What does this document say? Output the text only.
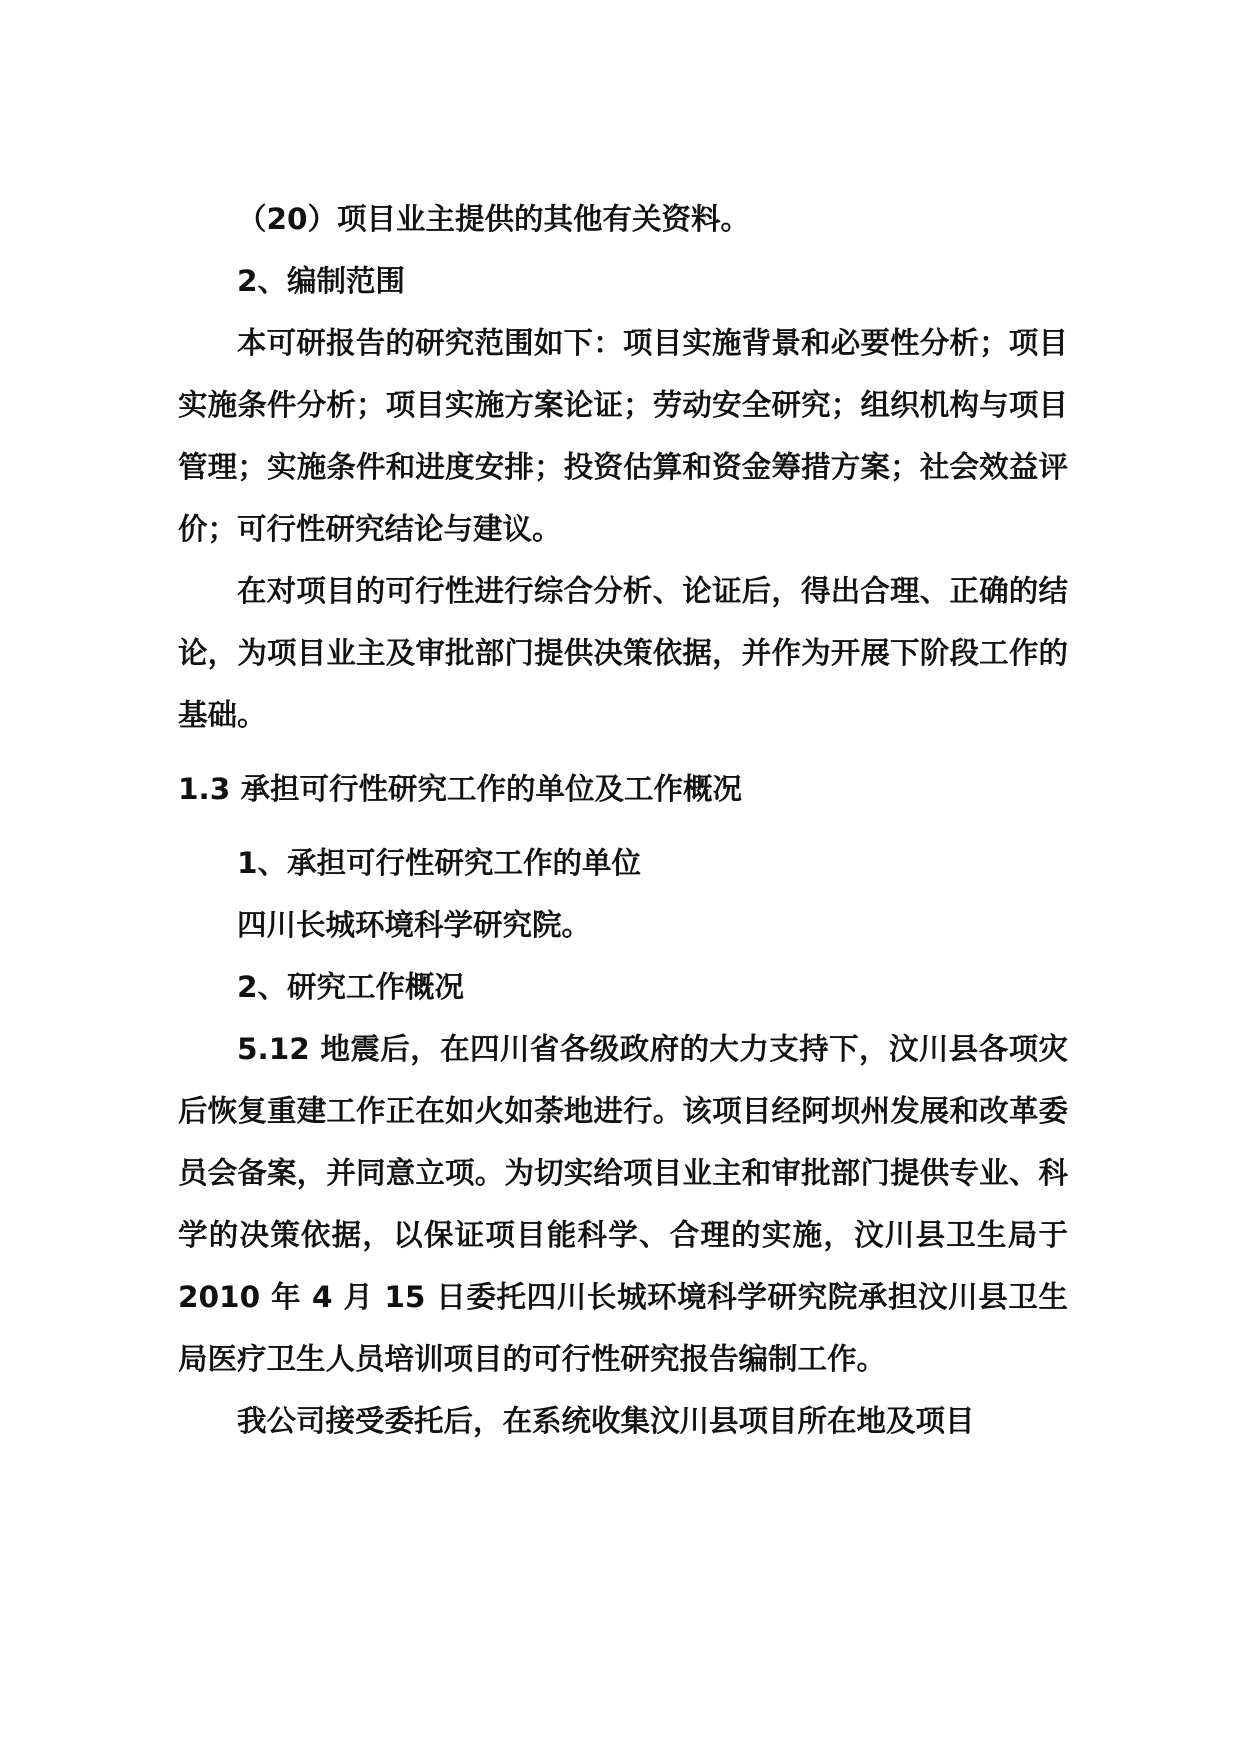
（20）项目业主提供的其他有关资料。

2、编制范围

本可研报告的研究范围如下：项目实施背景和必要性分析；项目实施条件分析；项目实施方案论证；劳动安全研究；组织机构与项目管理；实施条件和进度安排；投资估算和资金筹措方案；社会效益评价；可行性研究结论与建议。

在对项目的可行性进行综合分析、论证后，得出合理、正确的结论，为项目业主及审批部门提供决策依据，并作为开展下阶段工作的基础。

1.3 承担可行性研究工作的单位及工作概况

1、承担可行性研究工作的单位

四川长城环境科学研究院。

2、研究工作概况

5.12 地震后，在四川省各级政府的大力支持下，汶川县各项灾后恢复重建工作正在如火如荼地进行。该项目经阿坝州发展和改革委员会备案，并同意立项。为切实给项目业主和审批部门提供专业、科学的决策依据，以保证项目能科学、合理的实施，汶川县卫生局于 2010 年 4 月 15 日委托四川长城环境科学研究院承担汶川县卫生局医疗卫生人员培训项目的可行性研究报告编制工作。

我公司接受委托后，在系统收集汶川县项目所在地及项目
